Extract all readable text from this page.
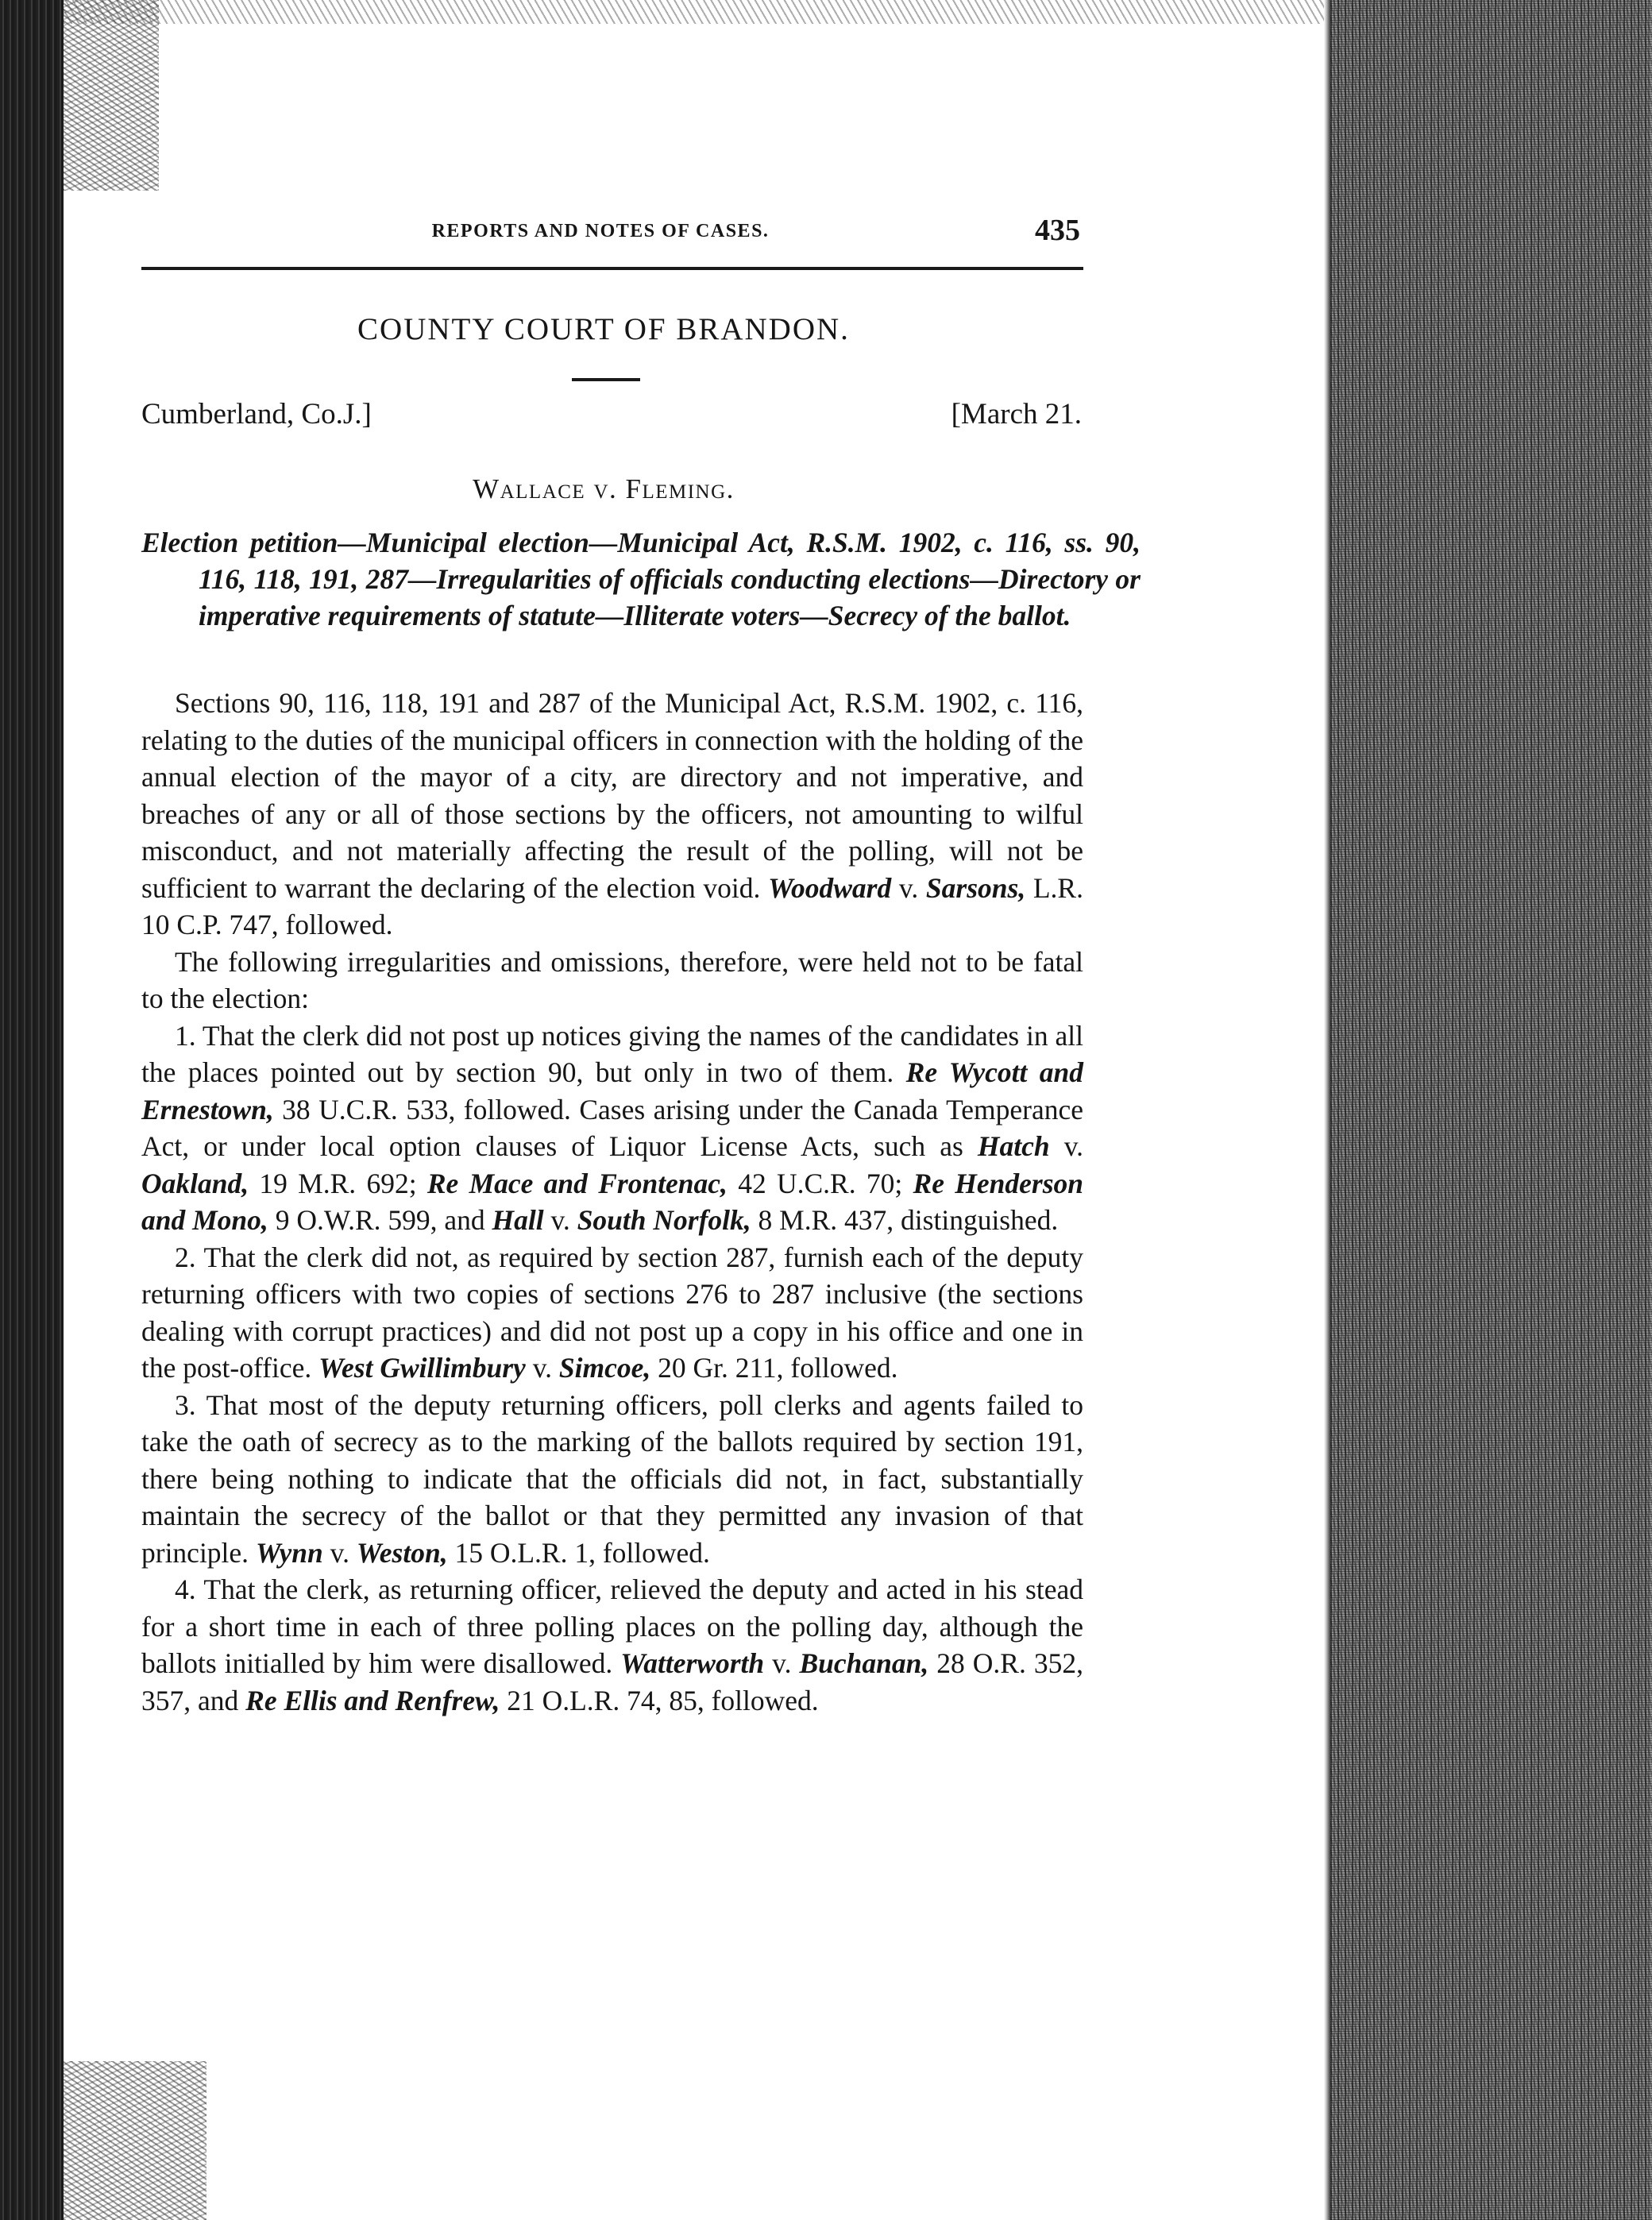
REPORTS AND NOTES OF CASES.	435
COUNTY COURT OF BRANDON.
Cumberland, Co.J.]	[March 21.
Wallace v. Fleming.
Election petition—Municipal election—Municipal Act, R.S.M. 1902, c. 116, ss. 90, 116, 118, 191, 287—Irregularities of officials conducting elections—Directory or imperative requirements of statute—Illiterate voters—Secrecy of the ballot.

Sections 90, 116, 118, 191 and 287 of the Municipal Act, R.S.M. 1902, c. 116, relating to the duties of the municipal officers in connection with the holding of the annual election of the mayor of a city, are directory and not imperative, and breaches of any or all of those sections by the officers, not amounting to wilful misconduct, and not materially affecting the result of the polling, will not be sufficient to warrant the declaring of the election void. Woodward v. Sarsons, L.R. 10 C.P. 747, followed.

The following irregularities and omissions, therefore, were held not to be fatal to the election:

1. That the clerk did not post up notices giving the names of the candidates in all the places pointed out by section 90, but only in two of them. Re Wycott and Ernestown, 38 U.C.R. 533, followed. Cases arising under the Canada Temperance Act, or under local option clauses of Liquor License Acts, such as Hatch v. Oakland, 19 M.R. 692; Re Mace and Frontenac, 42 U.C.R. 70; Re Henderson and Mono, 9 O.W.R. 599, and Hall v. South Norfolk, 8 M.R. 437, distinguished.

2. That the clerk did not, as required by section 287, furnish each of the deputy returning officers with two copies of sections 276 to 287 inclusive (the sections dealing with corrupt practices) and did not post up a copy in his office and one in the post-office. West Gwillimbury v. Simcoe, 20 Gr. 211, followed.

3. That most of the deputy returning officers, poll clerks and agents failed to take the oath of secrecy as to the marking of the ballots required by section 191, there being nothing to indicate that the officials did not, in fact, substantially maintain the secrecy of the ballot or that they permitted any invasion of that principle. Wynn v. Weston, 15 O.L.R. 1, followed.

4. That the clerk, as returning officer, relieved the deputy and acted in his stead for a short time in each of three polling places on the polling day, although the ballots initialled by him were disallowed. Watterworth v. Buchanan, 28 O.R. 352, 357, and Re Ellis and Renfrew, 21 O.L.R. 74, 85, followed.
